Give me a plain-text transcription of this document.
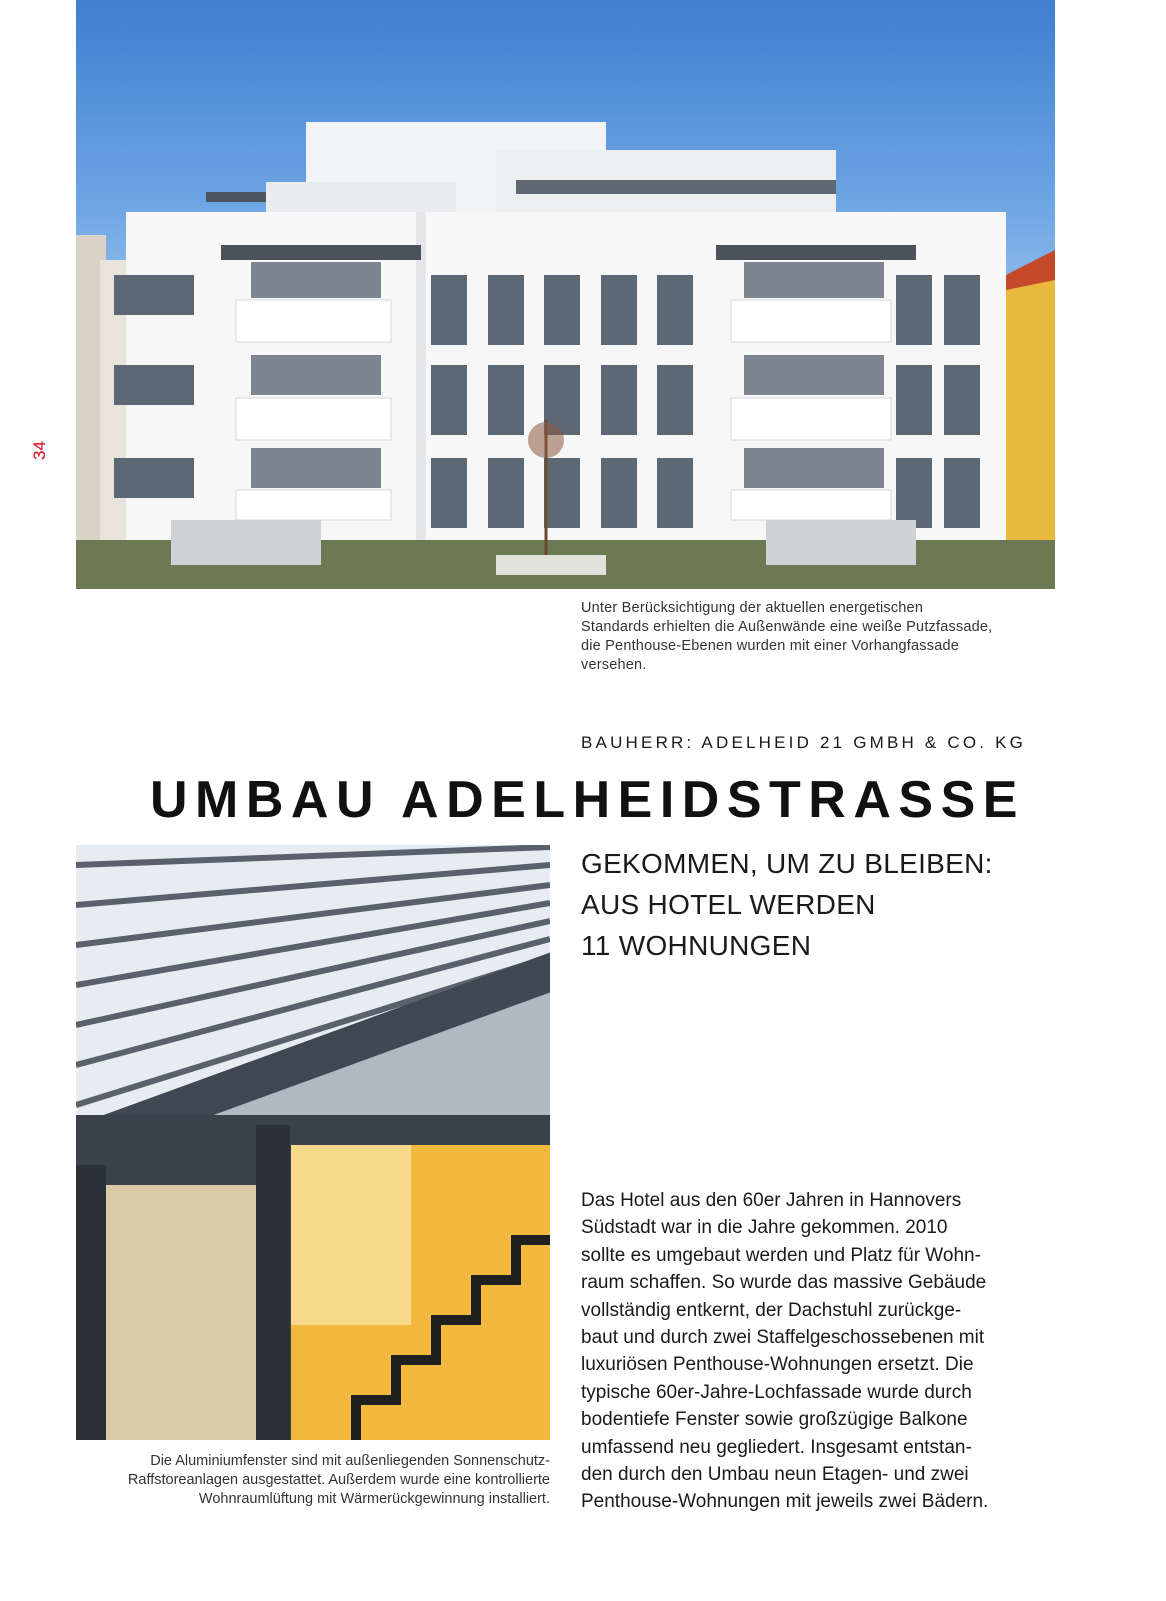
34
Unter Berücksichtigung der aktuellen energetischen
Standards erhielten die Außenwände eine weiße Putzfassade,
die Penthouse-Ebenen wurden mit einer Vorhangfassade
versehen.
BAUHERR: ADELHEID 21 GMBH & CO. KG
UMBAU ADELHEIDSTRASSE
GEKOMMEN, UM ZU BLEIBEN:
AUS HOTEL WERDEN
11 WOHNUNGEN
Das Hotel aus den 60er Jahren in Hannovers
Südstadt war in die Jahre gekommen. 2010
sollte es umgebaut werden und Platz für Wohn-
raum schaffen. So wurde das massive Gebäude
vollständig entkernt, der Dachstuhl zurückge-
baut und durch zwei Staffelgeschossebenen mit
luxuriösen Penthouse-Wohnungen ersetzt. Die
typische 60er-Jahre-Lochfassade wurde durch
bodentiefe Fenster sowie großzügige Balkone
umfassend neu gegliedert. Insgesamt entstan-
den durch den Umbau neun Etagen- und zwei
Penthouse-Wohnungen mit jeweils zwei Bädern.
Die Aluminiumfenster sind mit außenliegenden Sonnenschutz-
Raffstoreanlagen ausgestattet. Außerdem wurde eine kontrollierte
Wohnraumlüftung mit Wärmerückgewinnung installiert.
